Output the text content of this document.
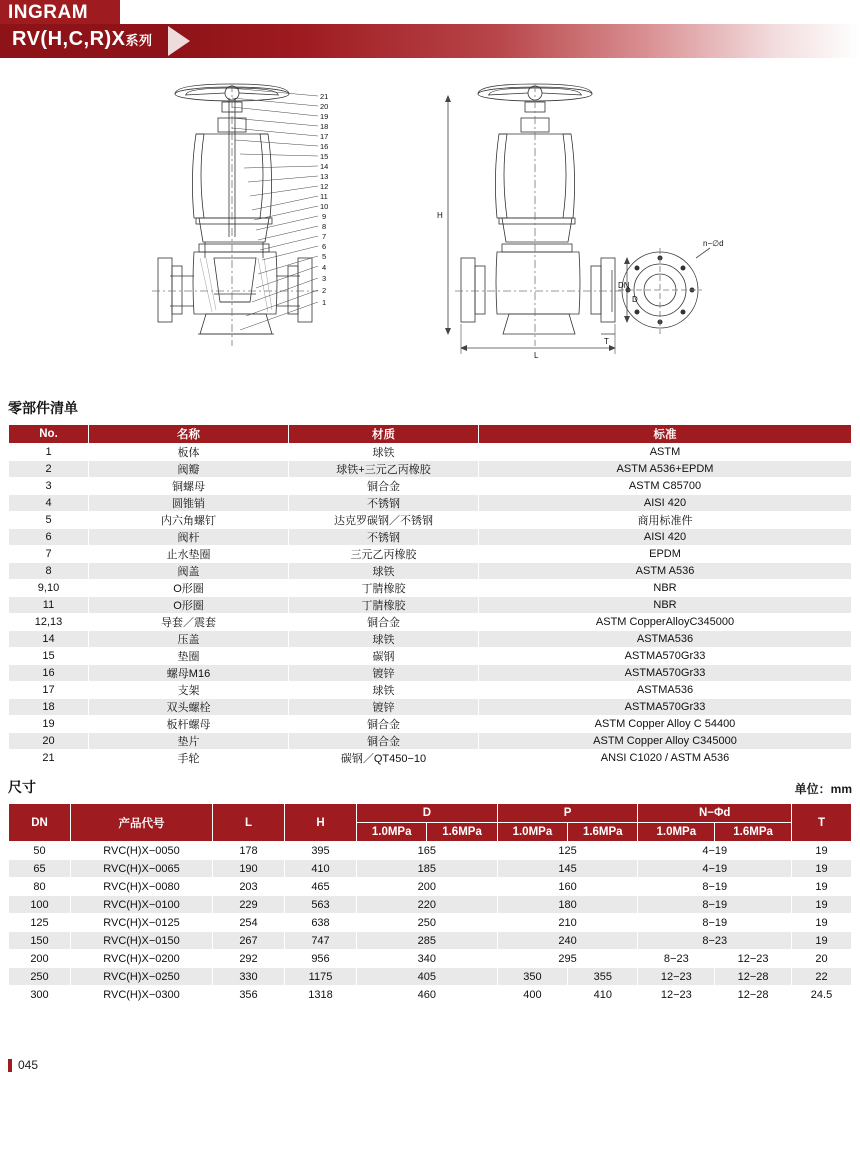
INGRAM
RV(H,C,R)X系列
21
20
19
18
17
16
15
14
13
12
11
10
9
8
7
6
5
4
3
2
1
H
n−∅d
DN
D
L
T
零部件清单
No.	名称	材质	标准
1	板体	球铁	ASTM
2	阀瓣	球铁+三元乙丙橡胶	ASTM A536+EPDM
3	铜螺母	铜合金	ASTM C85700
4	圆锥销	不锈钢	AISI 420
5	内六角螺钉	达克罗碳钢／不锈钢	商用标准件
6	阀杆	不锈钢	AISI 420
7	止水垫圈	三元乙丙橡胶	EPDM
8	阀盖	球铁	ASTM A536
9,10	O形圈	丁腈橡胶	NBR
11	O形圈	丁腈橡胶	NBR
12,13	导套／震套	铜合金	ASTM CopperAlloyC345000
14	压盖	球铁	ASTMA536
15	垫圈	碳钢	ASTMA570Gr33
16	螺母M16	镀锌	ASTMA570Gr33
17	支架	球铁	ASTMA536
18	双头螺栓	镀锌	ASTMA570Gr33
19	板杆螺母	铜合金	ASTM Copper Alloy C 54400
20	垫片	铜合金	ASTM Copper Alloy C345000
21	手轮	碳钢／QT450−10	ANSI C1020 / ASTM A536
尺寸	单位：mm
DN	产品代号	L	H	D		P		N−Φd		T
				1.0MPa	1.6MPa	1.0MPa	1.6MPa	1.0MPa	1.6MPa	
50	RVC(H)X−0050	178	395	165		125		4−19		19
65	RVC(H)X−0065	190	410	185		145		4−19		19
80	RVC(H)X−0080	203	465	200		160		8−19		19
100	RVC(H)X−0100	229	563	220		180		8−19		19
125	RVC(H)X−0125	254	638	250		210		8−19		19
150	RVC(H)X−0150	267	747	285		240		8−23		19
200	RVC(H)X−0200	292	956	340		295		8−23	12−23	20
250	RVC(H)X−0250	330	1175	405		350	355	12−23	12−28	22
300	RVC(H)X−0300	356	1318	460		400	410	12−23	12−28	24.5
045
